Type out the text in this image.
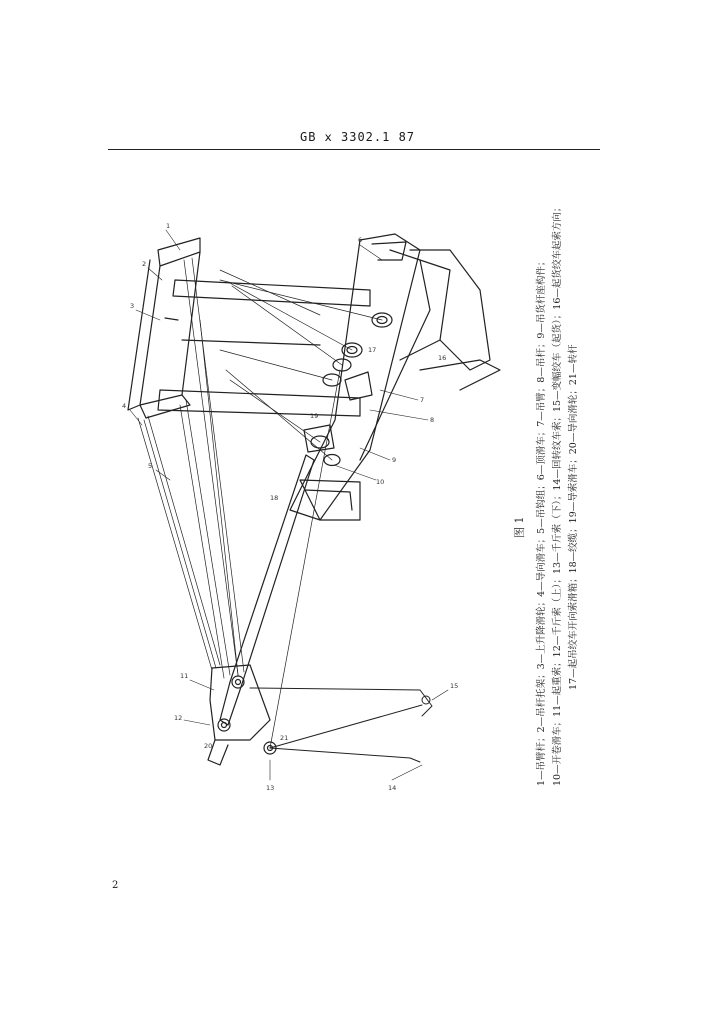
GB ⅹ 3302.1 87
1
2
3
4
5
6
7
8
9
10
11
12
13	14
15
16
17
18
19
20
21
图 1	1—吊臂杆；2—吊杆托架；3—上升降滑轮；4—导向滑车；5—吊钩组；6—顶滑车；7—吊臂；8—吊杆；9—吊货杆座构件； 10—开卷滑车；11—起重索；12—千斤索（上）；13—千斤索（下）；14—回转纹车索；15—变幅绞车（起货）；16—起货绞车起索方向； 17—起吊绞车开向索滑箱；18—绞缆；19—导索滑车；20—导向滑轮；21—转杆
2
